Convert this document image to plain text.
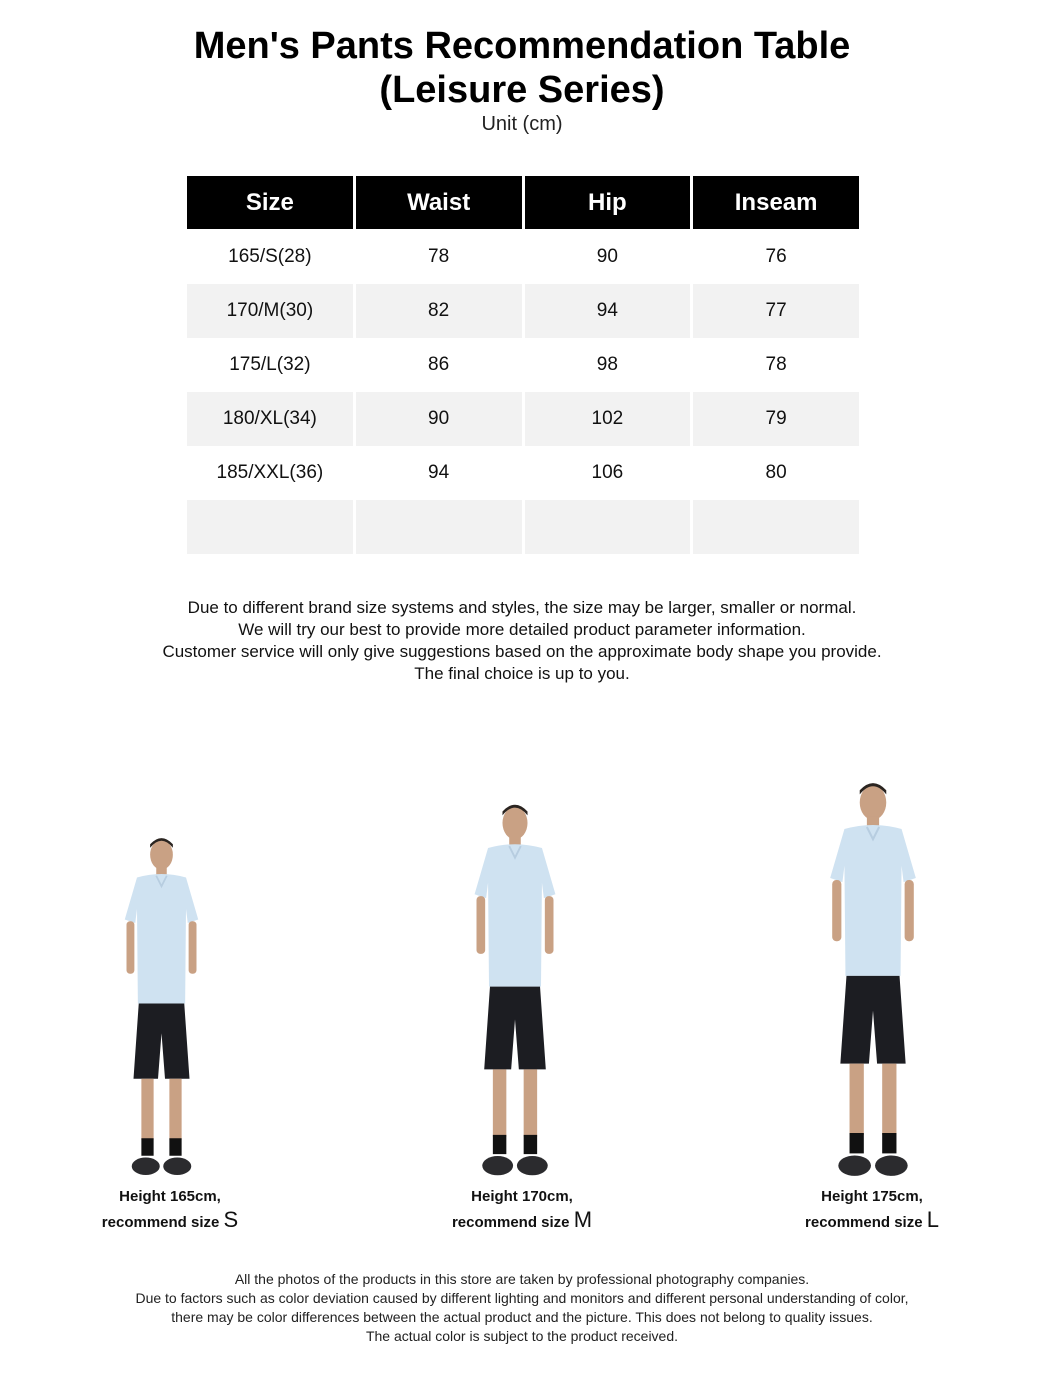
Men's Pants Recommendation Table
(Leisure Series)
Unit (cm)
Size	Waist	Hip	Inseam
165/S(28)	78	90	76
170/M(30)	82	94	77
175/L(32)	86	98	78
180/XL(34)	90	102	79
185/XXL(36)	94	106	80
Due to different brand size systems and styles, the size may be larger, smaller or normal.
We will try our best to provide more detailed product parameter information.
Customer service will only give suggestions based on the approximate body shape you provide.
The final choice is up to you.
Height 165cm,
recommend size S
Height 170cm,
recommend size M
Height 175cm,
recommend size L
All the photos of the products in this store are taken by professional photography companies.
Due to factors such as color deviation caused by different lighting and monitors and different personal understanding of color,
there may be color differences between the actual product and the picture. This does not belong to quality issues.
The actual color is subject to the product received.
